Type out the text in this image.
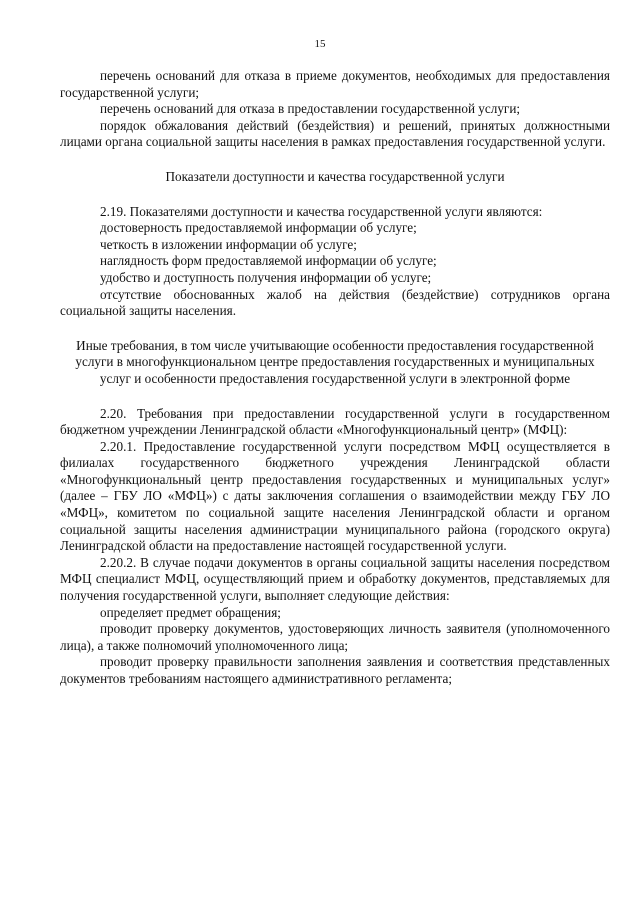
15

перечень оснований для отказа в приеме документов, необходимых для предоставления государственной услуги;

перечень оснований для отказа в предоставлении государственной услуги;

порядок обжалования действий (бездействия) и решений, принятых должностными лицами органа социальной защиты населения в рамках предоставления государственной услуги.

Показатели доступности и качества государственной услуги

2.19. Показателями доступности и качества государственной услуги являются:

достоверность предоставляемой информации об услуге;

четкость в изложении информации об услуге;

наглядность форм предоставляемой информации об услуге;

удобство и доступность получения информации об услуге;

отсутствие обоснованных жалоб на действия (бездействие) сотрудников органа социальной защиты населения.

Иные требования, в том числе учитывающие особенности предоставления государственной услуги в многофункциональном центре предоставления государственных и муниципальных услуг и особенности предоставления государственной услуги в электронной форме

2.20. Требования при предоставлении государственной услуги в государственном бюджетном учреждении Ленинградской области «Многофункциональный центр» (МФЦ):

2.20.1. Предоставление государственной услуги посредством МФЦ осуществляется в филиалах государственного бюджетного учреждения Ленинградской области «Многофункциональный центр предоставления государственных и муниципальных услуг» (далее – ГБУ ЛО «МФЦ») с даты заключения соглашения о взаимодействии между ГБУ ЛО «МФЦ», комитетом по социальной защите населения Ленинградской области и органом социальной защиты населения администрации муниципального района (городского округа) Ленинградской области на предоставление настоящей государственной услуги.

2.20.2. В случае подачи документов в органы социальной защиты населения посредством МФЦ специалист МФЦ, осуществляющий прием и обработку документов, представляемых для получения государственной услуги, выполняет следующие действия:

определяет предмет обращения;

проводит проверку документов, удостоверяющих личность заявителя (уполномоченного лица), а также полномочий уполномоченного лица;

проводит проверку правильности заполнения заявления и соответствия представленных документов требованиям настоящего административного регламента;
